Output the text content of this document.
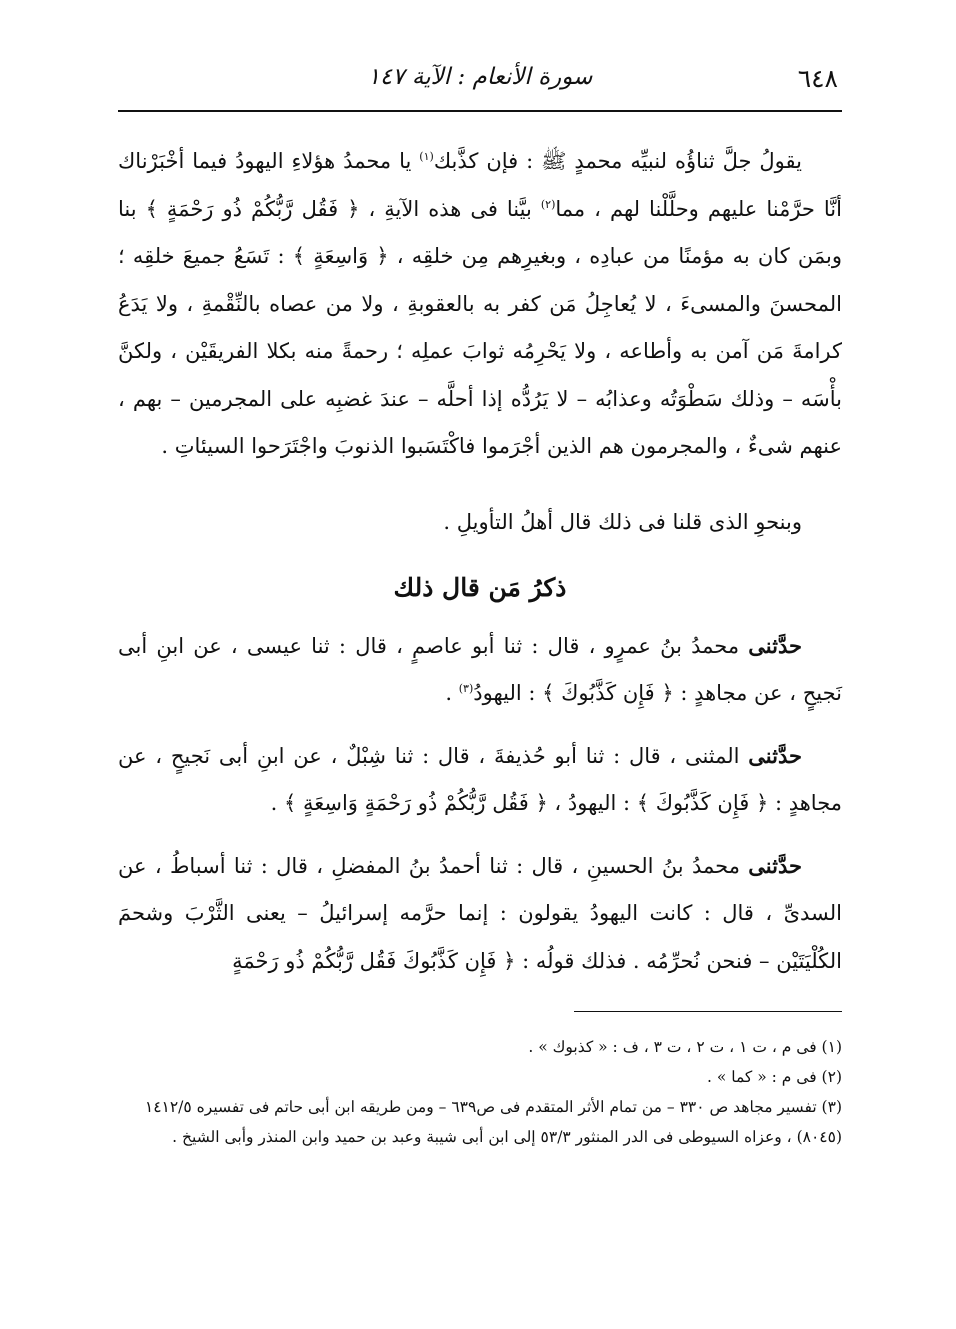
٦٤٨
سورة الأنعام : الآية ١٤٧

يقولُ جلَّ ثناؤُه لنبيِّه محمدٍ ﷺ : فإن كذَّبك$^{(١)}$ يا محمدُ هؤلاءِ اليهودُ فيما أخْبَرْناك أنَّا حرَّمْنا عليهم وحلَّلْنا لهم ، مما$^{(٢)}$ بيَّنا فى هذه الآيةِ ، ﴿ فَقُل رَّبُّكُمْ ذُو رَحْمَةٍ ﴾ بنا وبمَن كان به مؤمنًا من عبادِه ، وبغيرِهم مِن خلقِه ، ﴿ وَاسِعَةٍ ﴾ : تَسَعُ جميعَ خلقِه ؛ المحسنَ والمسىءَ ، لا يُعاجِلُ مَن كفر به بالعقوبةِ ، ولا من عصاه بالنِّقْمةِ ، ولا يَدَعُ كرامةَ مَن آمن به وأطاعه ، ولا يَحْرِمُه ثوابَ عملِه ؛ رحمةً منه بكلا الفريقَيْن ، ولكنَّ بأْسَه – وذلك سَطْوَتُه وعذابُه – لا يَرُدُّه إذا أحلَّه – عندَ غضبِه على المجرمين – بهم ، عنهم شىءٌ ، والمجرمون هم الذين أجْرَموا فاكْتَسَبوا الذنوبَ واجْتَرَحوا السيئاتِ .

وبنحوِ الذى قلنا فى ذلك قال أهلُ التأويلِ .

ذكرُ مَن قال ذلك

حدَّثنى محمدُ بنُ عمرٍو ، قال : ثنا أبو عاصمٍ ، قال : ثنا عيسى ، عن ابنِ أبى نَجيحٍ ، عن مجاهدٍ : ﴿ فَإِن كَذَّبُوكَ ﴾ : اليهودُ$^{(٣)}$ .

حدَّثنى المثنى ، قال : ثنا أبو حُذيفةَ ، قال : ثنا شِبْلٌ ، عن ابنِ أبى نَجيحٍ ، عن مجاهدٍ : ﴿ فَإِن كَذَّبُوكَ ﴾ : اليهودُ ، ﴿ فَقُل رَّبُّكُمْ ذُو رَحْمَةٍ وَاسِعَةٍ ﴾ .

حدَّثنى محمدُ بنُ الحسينِ ، قال : ثنا أحمدُ بنُ المفضلِ ، قال : ثنا أسباطُ ، عن السدىِّ ، قال : كانت اليهودُ يقولون : إنما حرَّمه إسرائيلُ – يعنى الثَّرْبَ وشحمَ الكُلْيَتَيْن – فنحن نُحرِّمُه . فذلك قولُه : ﴿ فَإِن كَذَّبُوكَ فَقُل رَّبُّكُمْ ذُو رَحْمَةٍ

(١) فى م ، ت ١ ، ت ٢ ، ت ٣ ، ف : « كذبوك » .

(٢) فى م : « كما » .

(٣) تفسير مجاهد ص ٣٣٠ – من تمام الأثر المتقدم فى ص٦٣٩ – ومن طريقه ابن أبى حاتم فى تفسيره ١٤١٢/٥ (٨٠٤٥) ، وعزاه السيوطى فى الدر المنثور ٥٣/٣ إلى ابن أبى شيبة وعبد بن حميد وابن المنذر وأبى الشيخ .
